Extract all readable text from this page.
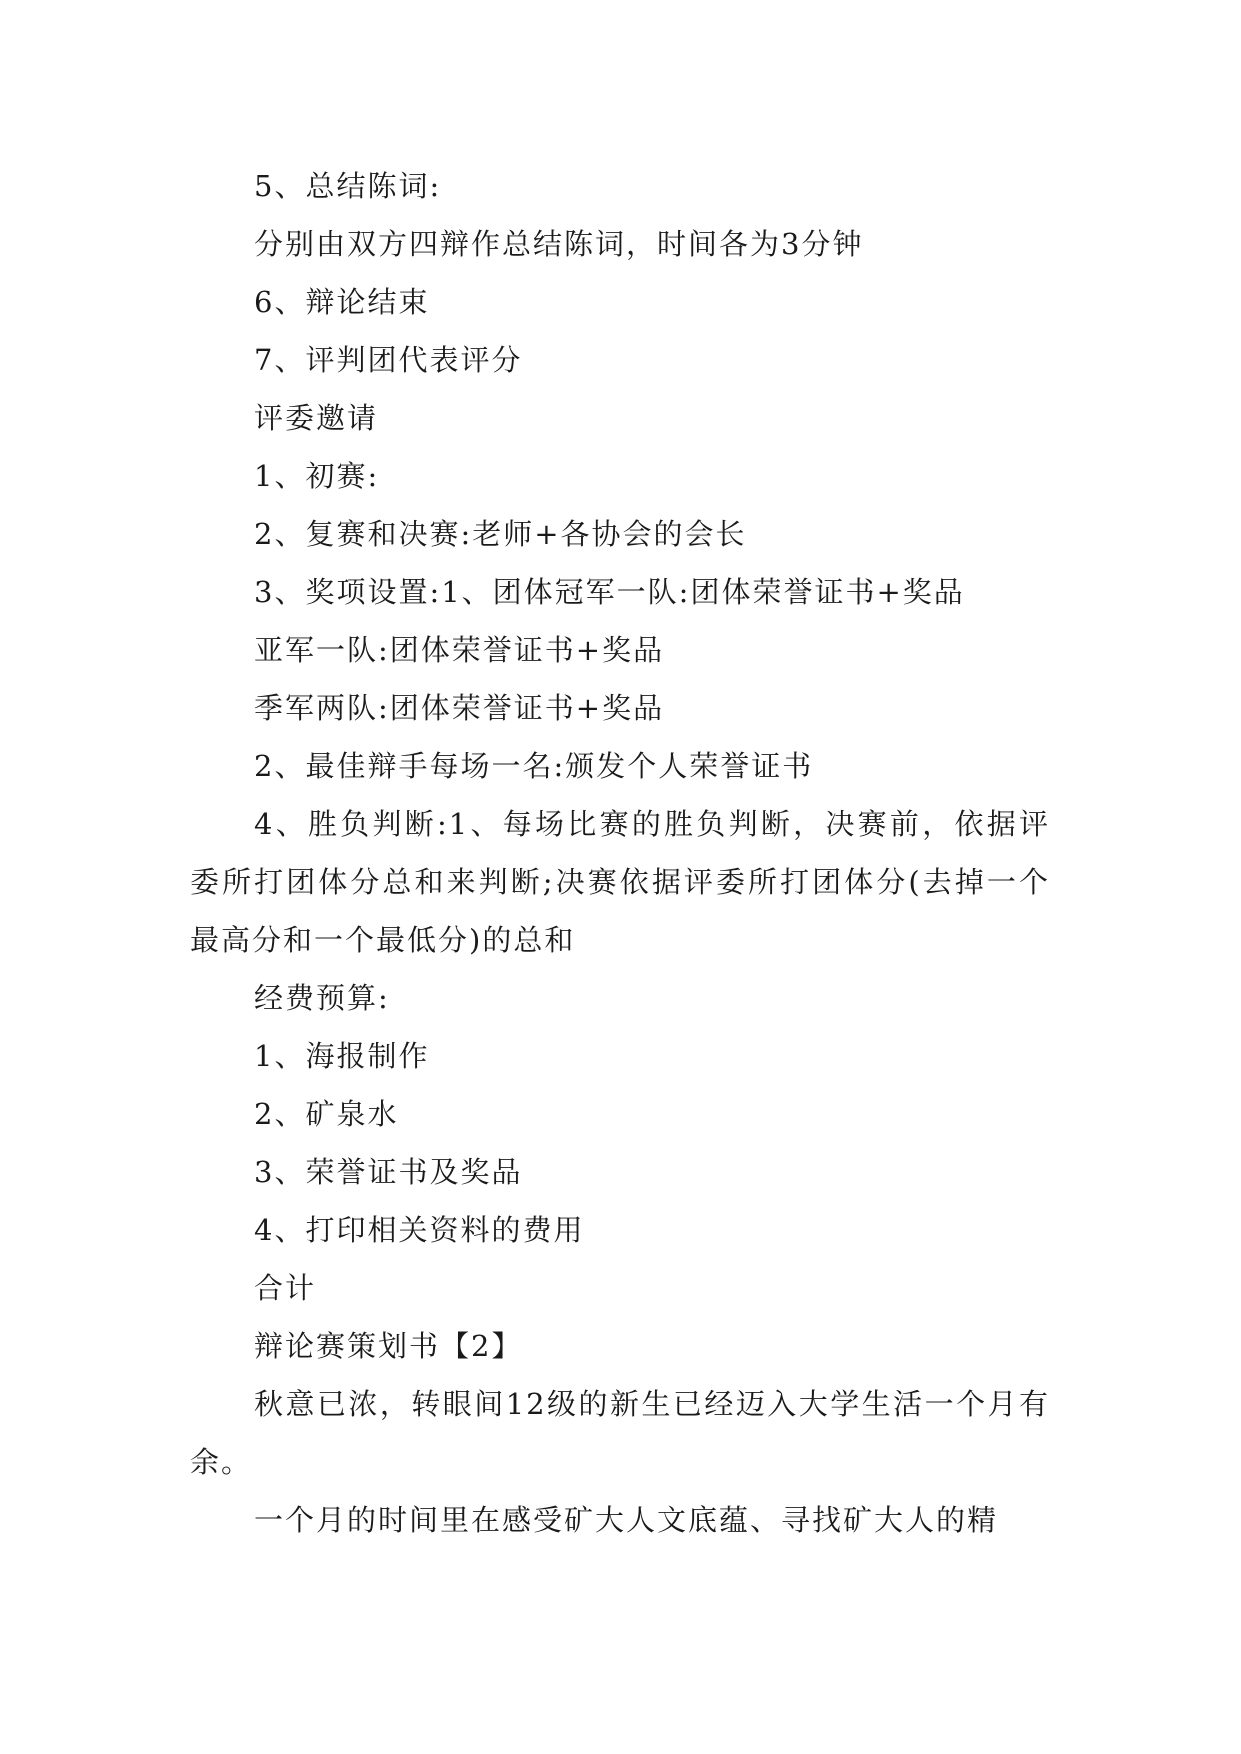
5、总结陈词:

分别由双方四辩作总结陈词，时间各为3分钟

6、辩论结束

7、评判团代表评分

评委邀请

1、初赛:

2、复赛和决赛:老师+各协会的会长

3、奖项设置:1、团体冠军一队:团体荣誉证书+奖品

亚军一队:团体荣誉证书+奖品

季军两队:团体荣誉证书+奖品

2、最佳辩手每场一名:颁发个人荣誉证书

4、胜负判断:1、每场比赛的胜负判断，决赛前，依据评委所打团体分总和来判断;决赛依据评委所打团体分(去掉一个最高分和一个最低分)的总和

经费预算:

1、海报制作

2、矿泉水

3、荣誉证书及奖品

4、打印相关资料的费用

合计

辩论赛策划书【2】

秋意已浓，转眼间12级的新生已经迈入大学生活一个月有余。

一个月的时间里在感受矿大人文底蕴、寻找矿大人的精
